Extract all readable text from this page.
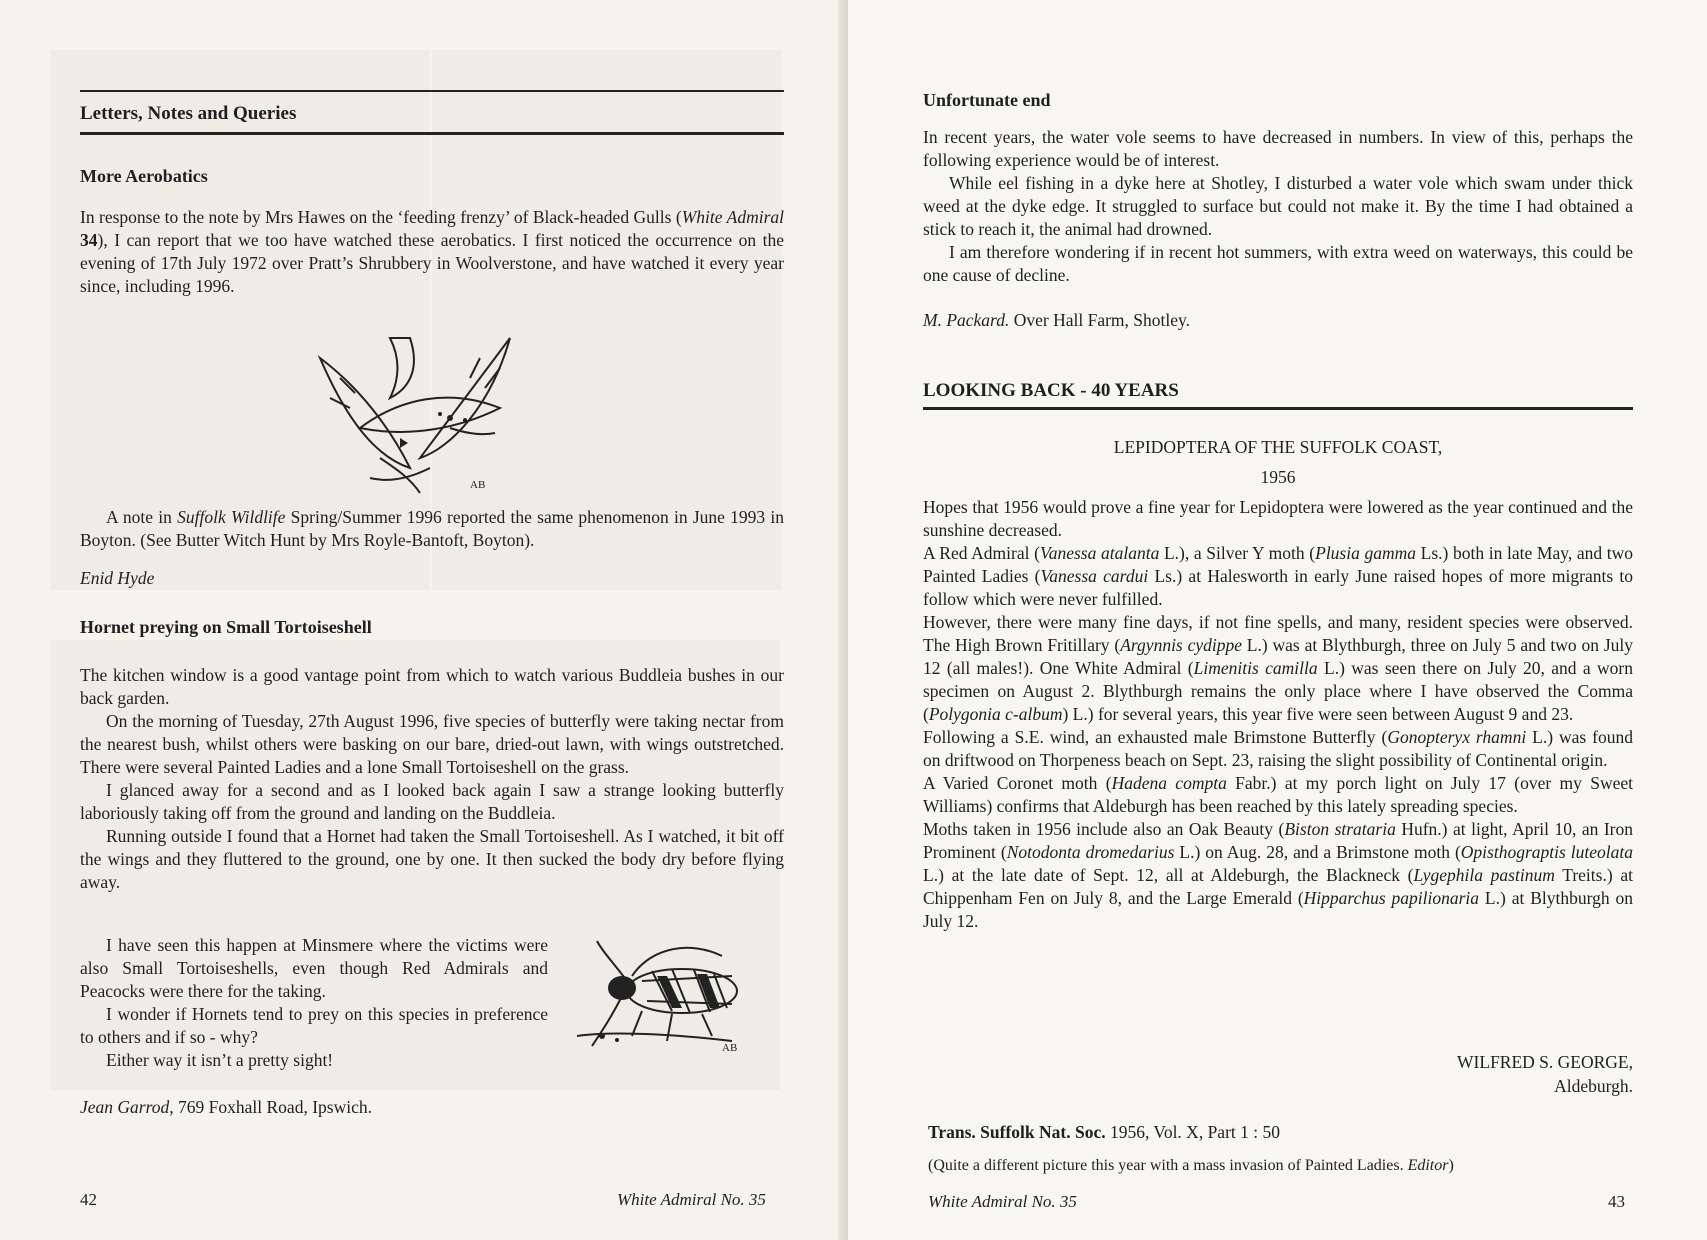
Letters, Notes and Queries
More Aerobatics
In response to the note by Mrs Hawes on the ‘feeding frenzy’ of Black-headed Gulls (White Admiral 34), I can report that we too have watched these aerobatics. I first noticed the occurrence on the evening of 17th July 1972 over Pratt’s Shrubbery in Woolverstone, and have watched it every year since, including 1996.
AB
A note in Suffolk Wildlife Spring/Summer 1996 reported the same phenomenon in June 1993 in Boyton. (See Butter Witch Hunt by Mrs Royle-Bantoft, Boyton).
Enid Hyde
Hornet preying on Small Tortoiseshell

The kitchen window is a good vantage point from which to watch various Buddleia bushes in our back garden.

On the morning of Tuesday, 27th August 1996, five species of butterfly were taking nectar from the nearest bush, whilst others were basking on our bare, dried-out lawn, with wings outstretched. There were several Painted Ladies and a lone Small Tortoiseshell on the grass.

I glanced away for a second and as I looked back again I saw a strange looking butterfly laboriously taking off from the ground and landing on the Buddleia.

Running outside I found that a Hornet had taken the Small Tortoiseshell. As I watched, it bit off the wings and they fluttered to the ground, one by one. It then sucked the body dry before flying away.

I have seen this happen at Minsmere where the victims were also Small Tortoiseshells, even though Red Admirals and Peacocks were there for the taking.

I wonder if Hornets tend to prey on this species in preference to others and if so - why?

Either way it isn’t a pretty sight!

AB
Jean Garrod, 769 Foxhall Road, Ipswich.
42	White Admiral No. 35
Unfortunate end

In recent years, the water vole seems to have decreased in numbers. In view of this, perhaps the following experience would be of interest.

While eel fishing in a dyke here at Shotley, I disturbed a water vole which swam under thick weed at the dyke edge. It struggled to surface but could not make it. By the time I had obtained a stick to reach it, the animal had drowned.

I am therefore wondering if in recent hot summers, with extra weed on waterways, this could be one cause of decline.

M. Packard. Over Hall Farm, Shotley.
LOOKING BACK - 40 YEARS
LEPIDOPTERA OF THE SUFFOLK COAST,
1956

Hopes that 1956 would prove a fine year for Lepidoptera were lowered as the year continued and the sunshine decreased.

A Red Admiral (Vanessa atalanta L.), a Silver Y moth (Plusia gamma Ls.) both in late May, and two Painted Ladies (Vanessa cardui Ls.) at Halesworth in early June raised hopes of more migrants to follow which were never fulfilled.

However, there were many fine days, if not fine spells, and many, resident species were observed. The High Brown Fritillary (Argynnis cydippe L.) was at Blythburgh, three on July 5 and two on July 12 (all males!). One White Admiral (Limenitis camilla L.) was seen there on July 20, and a worn specimen on August 2. Blythburgh remains the only place where I have observed the Comma (Polygonia c-album) L.) for several years, this year five were seen between August 9 and 23.

Following a S.E. wind, an exhausted male Brimstone Butterfly (Gonopteryx rhamni L.) was found on driftwood on Thorpeness beach on Sept. 23, raising the slight possibility of Continental origin.

A Varied Coronet moth (Hadena compta Fabr.) at my porch light on July 17 (over my Sweet Williams) confirms that Aldeburgh has been reached by this lately spreading species.

Moths taken in 1956 include also an Oak Beauty (Biston strataria Hufn.) at light, April 10, an Iron Prominent (Notodonta dromedarius L.) on Aug. 28, and a Brimstone moth (Opisthograptis luteolata L.) at the late date of Sept. 12, all at Aldeburgh, the Blackneck (Lygephila pastinum Treits.) at Chippenham Fen on July 8, and the Large Emerald (Hipparchus papilionaria L.) at Blythburgh on July 12.

WILFRED S. GEORGE,
Aldeburgh.
Trans. Suffolk Nat. Soc. 1956, Vol. X, Part 1 : 50
(Quite a different picture this year with a mass invasion of Painted Ladies. Editor)
White Admiral No. 35	43
